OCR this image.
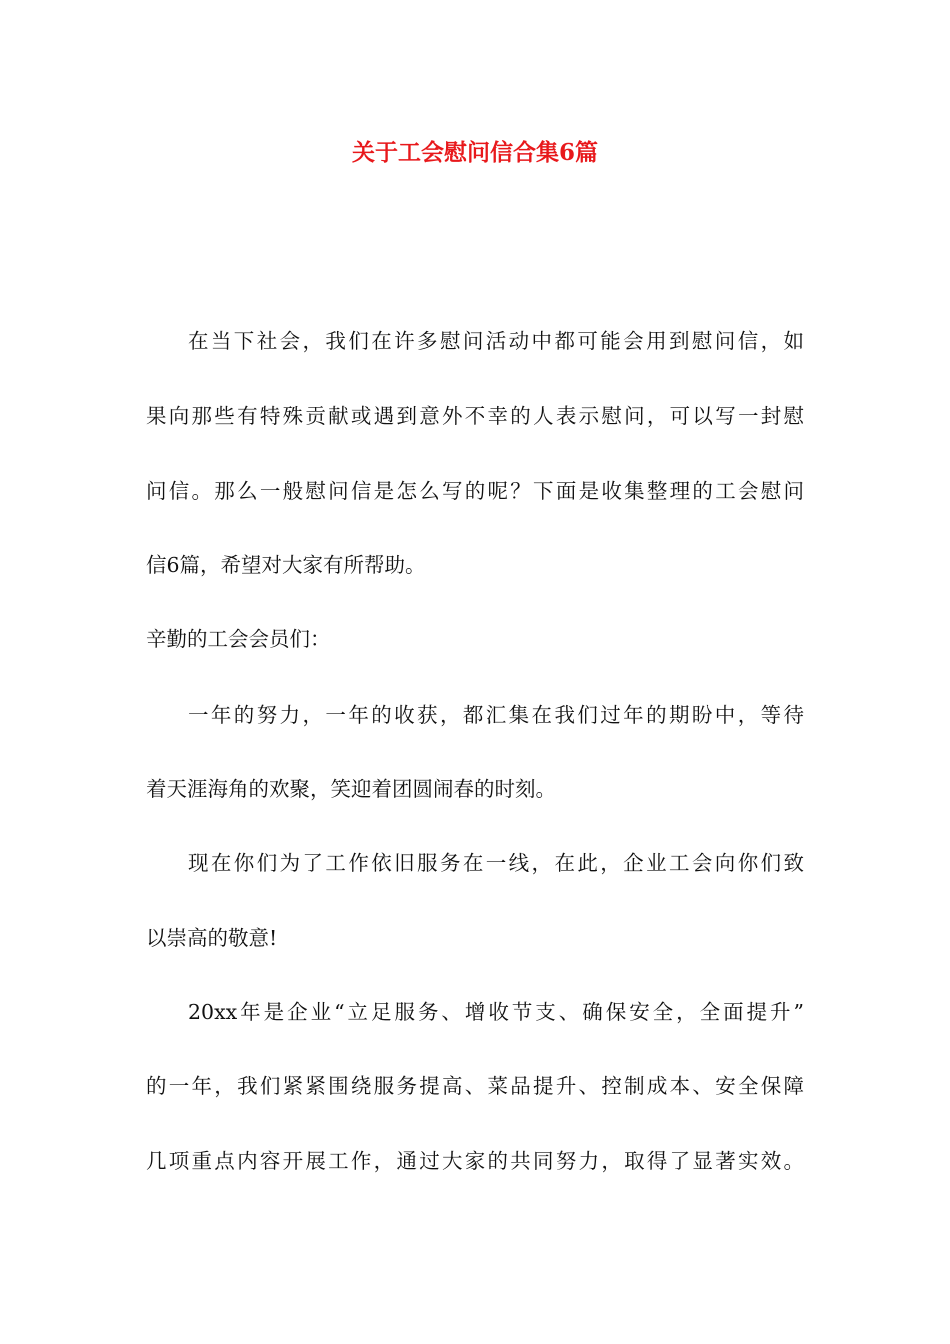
关于工会慰问信合集6篇

在当下社会，我们在许多慰问活动中都可能会用到慰问信，如

果向那些有特殊贡献或遇到意外不幸的人表示慰问，可以写一封慰

问信。那么一般慰问信是怎么写的呢？下面是收集整理的工会慰问

信6篇，希望对大家有所帮助。

辛勤的工会会员们：

一年的努力，一年的收获，都汇集在我们过年的期盼中，等待

着天涯海角的欢聚，笑迎着团圆闹春的时刻。

现在你们为了工作依旧服务在一线，在此，企业工会向你们致

以崇高的敬意!

20xx年是企业“立足服务、增收节支、确保安全，全面提升”

的一年，我们紧紧围绕服务提高、菜品提升、控制成本、安全保障

几项重点内容开展工作，通过大家的共同努力，取得了显著实效。
